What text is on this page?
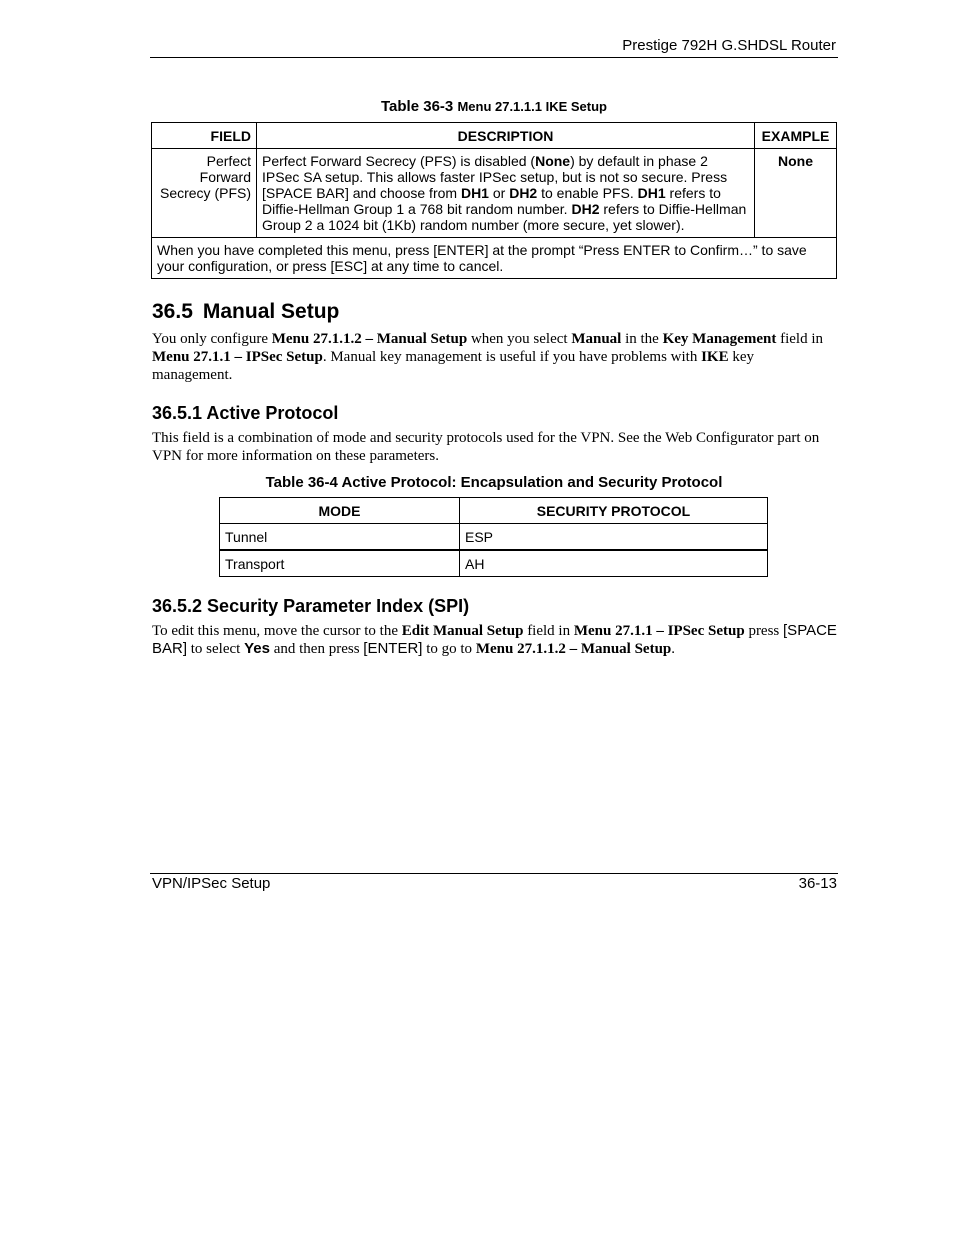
Prestige 792H G.SHDSL Router
Table 36-3 Menu 27.1.1.1 IKE Setup
FIELD	DESCRIPTION	EXAMPLE
Perfect Forward Secrecy (PFS)	Perfect Forward Secrecy (PFS) is disabled (None) by default in phase 2 IPSec SA setup. This allows faster IPSec setup, but is not so secure. Press [SPACE BAR] and choose from DH1 or DH2 to enable PFS. DH1 refers to Diffie-Hellman Group 1 a 768 bit random number. DH2 refers to Diffie-Hellman Group 2 a 1024 bit (1Kb) random number (more secure, yet slower).	None
When you have completed this menu, press [ENTER] at the prompt “Press ENTER to Confirm…” to save your configuration, or press [ESC] at any time to cancel.		
36.5 Manual Setup
You only configure Menu 27.1.1.2 – Manual Setup when you select Manual in the Key Management field in Menu 27.1.1 – IPSec Setup. Manual key management is useful if you have problems with IKE key management.
36.5.1 Active Protocol
This field is a combination of mode and security protocols used for the VPN. See the Web Configurator part on VPN for more information on these parameters.
Table 36-4 Active Protocol: Encapsulation and Security Protocol
MODE	SECURITY PROTOCOL
Tunnel	ESP
Transport	AH
36.5.2 Security Parameter Index (SPI)
To edit this menu, move the cursor to the Edit Manual Setup field in Menu 27.1.1 – IPSec Setup press [SPACE BAR] to select Yes and then press [ENTER] to go to Menu 27.1.1.2 – Manual Setup.
VPN/IPSec Setup	36-13
